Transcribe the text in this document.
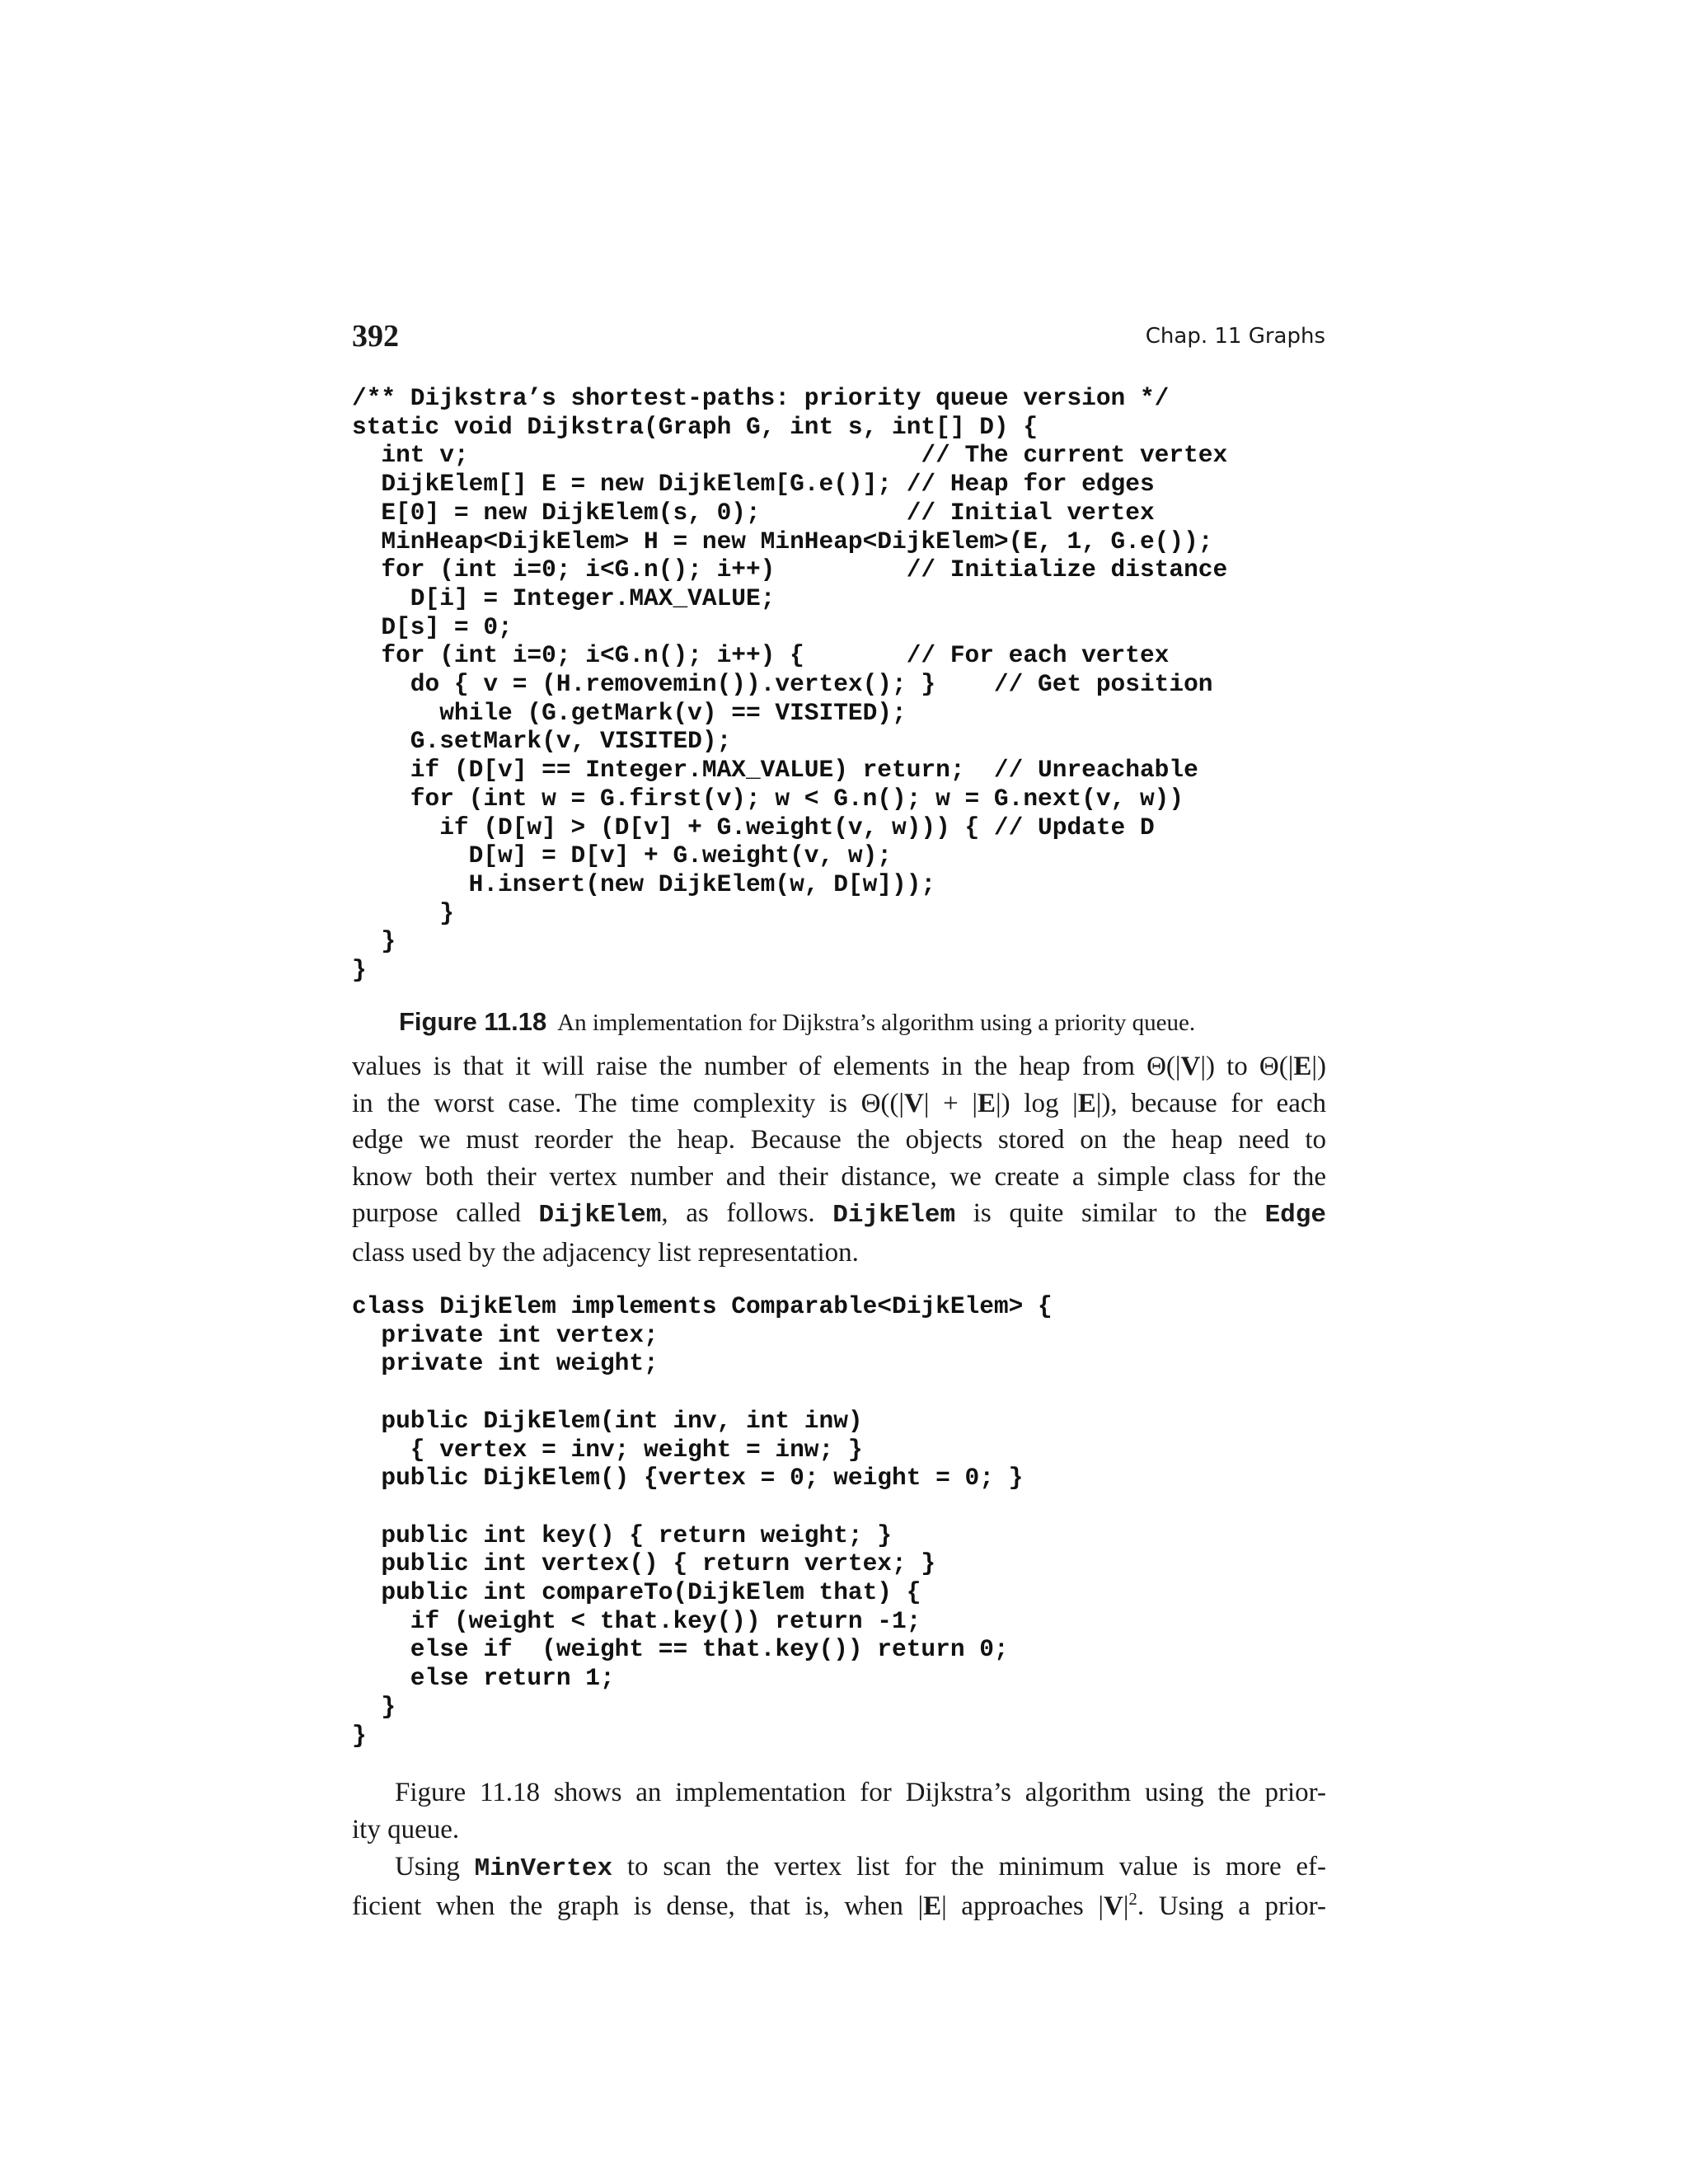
392	Chap. 11 Graphs
/** Dijkstra’s shortest-paths: priority queue version */
static void Dijkstra(Graph G, int s, int[] D) {
int v;                               // The current vertex
DijkElem[] E = new DijkElem[G.e()]; // Heap for edges
E[0] = new DijkElem(s, 0);          // Initial vertex
MinHeap<DijkElem> H = new MinHeap<DijkElem>(E, 1, G.e());
for (int i=0; i<G.n(); i++)         // Initialize distance
D[i] = Integer.MAX_VALUE;
D[s] = 0;
for (int i=0; i<G.n(); i++) {       // For each vertex
do { v = (H.removemin()).vertex(); }    // Get position
while (G.getMark(v) == VISITED);
G.setMark(v, VISITED);
if (D[v] == Integer.MAX_VALUE) return;  // Unreachable
for (int w = G.first(v); w < G.n(); w = G.next(v, w))
if (D[w] > (D[v] + G.weight(v, w))) { // Update D
D[w] = D[v] + G.weight(v, w);
H.insert(new DijkElem(w, D[w]));
}
}
}
Figure 11.18 An implementation for Dijkstra’s algorithm using a priority queue.
values is that it will raise the number of elements in the heap from Θ(|V|) to Θ(|E|)
in the worst case. The time complexity is Θ((|V| + |E|) log |E|), because for each
edge we must reorder the heap. Because the objects stored on the heap need to
know both their vertex number and their distance, we create a simple class for the
purpose called DijkElem, as follows. DijkElem is quite similar to the Edge
class used by the adjacency list representation.
class DijkElem implements Comparable<DijkElem> {
private int vertex;
private int weight;

public DijkElem(int inv, int inw)
{ vertex = inv; weight = inw; }
public DijkElem() {vertex = 0; weight = 0; }

public int key() { return weight; }
public int vertex() { return vertex; }
public int compareTo(DijkElem that) {
if (weight < that.key()) return -1;
else if  (weight == that.key()) return 0;
else return 1;
}
}
Figure 11.18 shows an implementation for Dijkstra’s algorithm using the prior-
ity queue.
Using MinVertex to scan the vertex list for the minimum value is more ef-
ficient when the graph is dense, that is, when |E| approaches $|V|^2$. Using a prior-
